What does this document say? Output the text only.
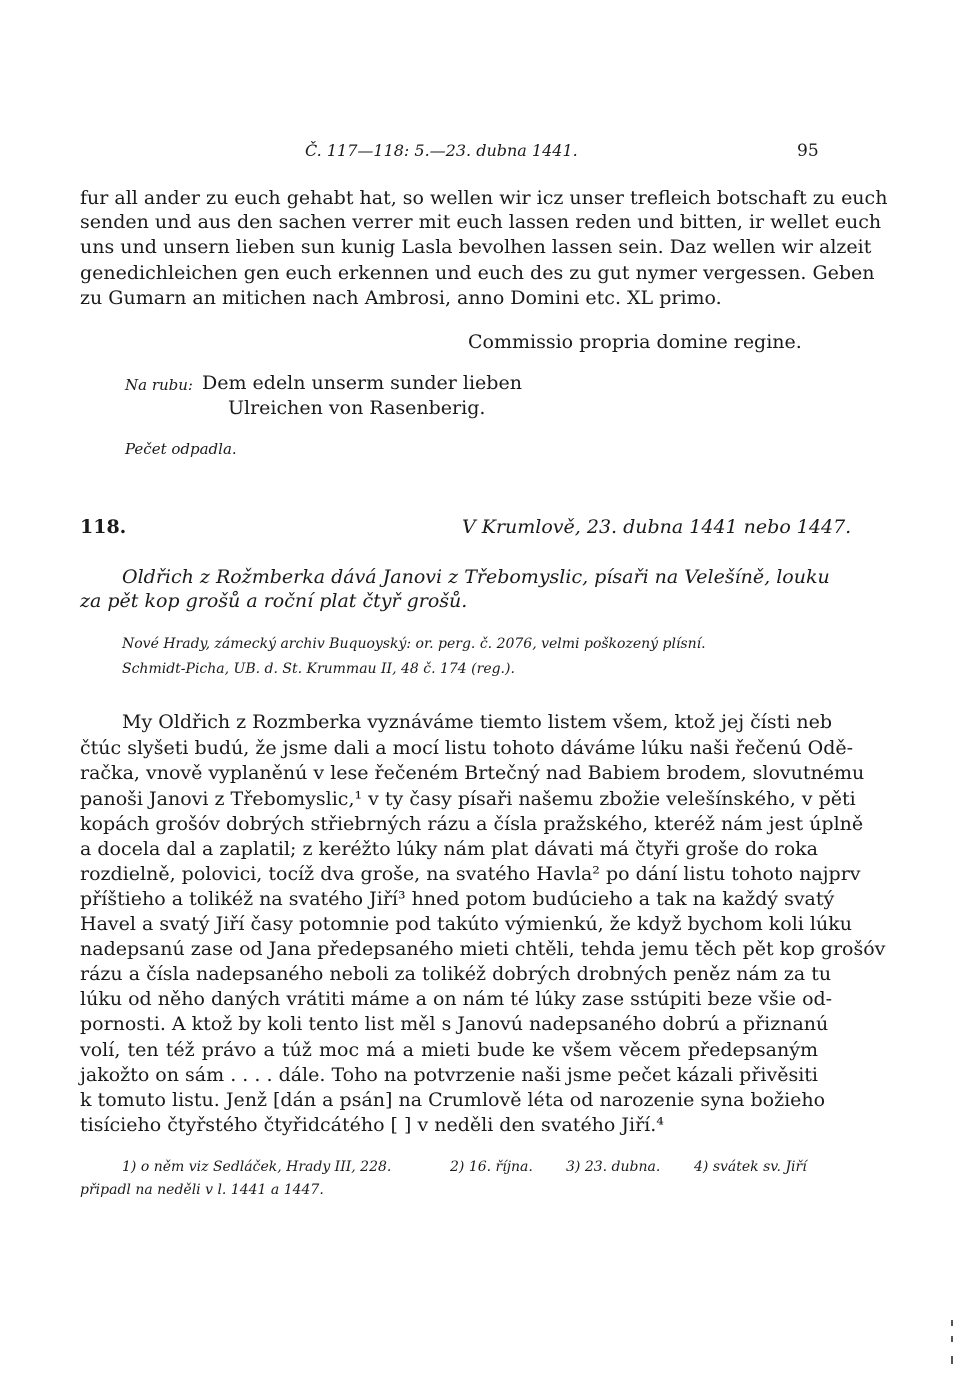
Č. 117—118: 5.—23. dubna 1441.	95
fur all ander zu euch gehabt hat, so wellen wir icz unser trefleich botschaft zu euch
senden und aus den sachen verrer mit euch lassen reden und bitten, ir wellet euch
uns und unsern lieben sun kunig Lasla bevolhen lassen sein. Daz wellen wir alzeit
genedichleichen gen euch erkennen und euch des zu gut nymer vergessen. Geben
zu Gumarn an mitichen nach Ambrosi, anno Domini etc. XL primo.
Commissio propria domine regine.
Na rubu: Dem edeln unserm sunder lieben
Ulreichen von Rasenberig.
Pečet odpadla.
118.	V Krumlově, 23. dubna 1441 nebo 1447.
Oldřich z Rožmberka dává Janovi z Třebomyslic, písaři na Velešíně, louku
za pět kop grošů a roční plat čtyř grošů.
Nové Hrady, zámecký archiv Buquoyský: or. perg. č. 2076, velmi poškozený plísní.
Schmidt-Picha, UB. d. St. Krummau II, 48 č. 174 (reg.).
My Oldřich z Rozmberka vyznáváme tiemto listem všem, ktož jej čísti neb
čtúc slyšeti budú, že jsme dali a mocí listu tohoto dáváme lúku naši řečenú Odě-
račka, vnově vyplaněnú v lese řečeném Brtečný nad Babiem brodem, slovutnému
panoši Janovi z Třebomyslic,¹ v ty časy písaři našemu zbožie velešínského, v pěti
kopách grošóv dobrých střiebrných rázu a čísla pražského, kteréž nám jest úplně
a docela dal a zaplatil; z keréžto lúky nám plat dávati má čtyři groše do roka
rozdielně, polovici, tocíž dva groše, na svatého Havla² po dání listu tohoto najprv
příštieho a tolikéž na svatého Jiří³ hned potom budúcieho a tak na každý svatý
Havel a svatý Jiří časy potomnie pod takúto výmienkú, že když bychom koli lúku
nadepsanú zase od Jana předepsaného mieti chtěli, tehda jemu těch pět kop grošóv
rázu a čísla nadepsaného neboli za tolikéž dobrých drobných peněz nám za tu
lúku od něho daných vrátiti máme a on nám té lúky zase sstúpiti beze všie od-
pornosti. A ktož by koli tento list měl s Janovú nadepsaného dobrú a přiznanú
volí, ten též právo a túž moc má a mieti bude ke všem věcem předepsaným
jakožto on sám . . . . dále. Toho na potvrzenie naši jsme pečet kázali přivěsiti
k tomuto listu. Jenž [dán a psán] na Crumlově léta od narozenie syna božieho
tisícieho čtyřstého čtyřidcátého [ ] v neděli den svatého Jiří.⁴
1) o něm viz Sedláček, Hrady III, 228.	2) 16. října. 3) 23. dubna. 4) svátek sv. Jiří
připadl na neděli v l. 1441 a 1447.
